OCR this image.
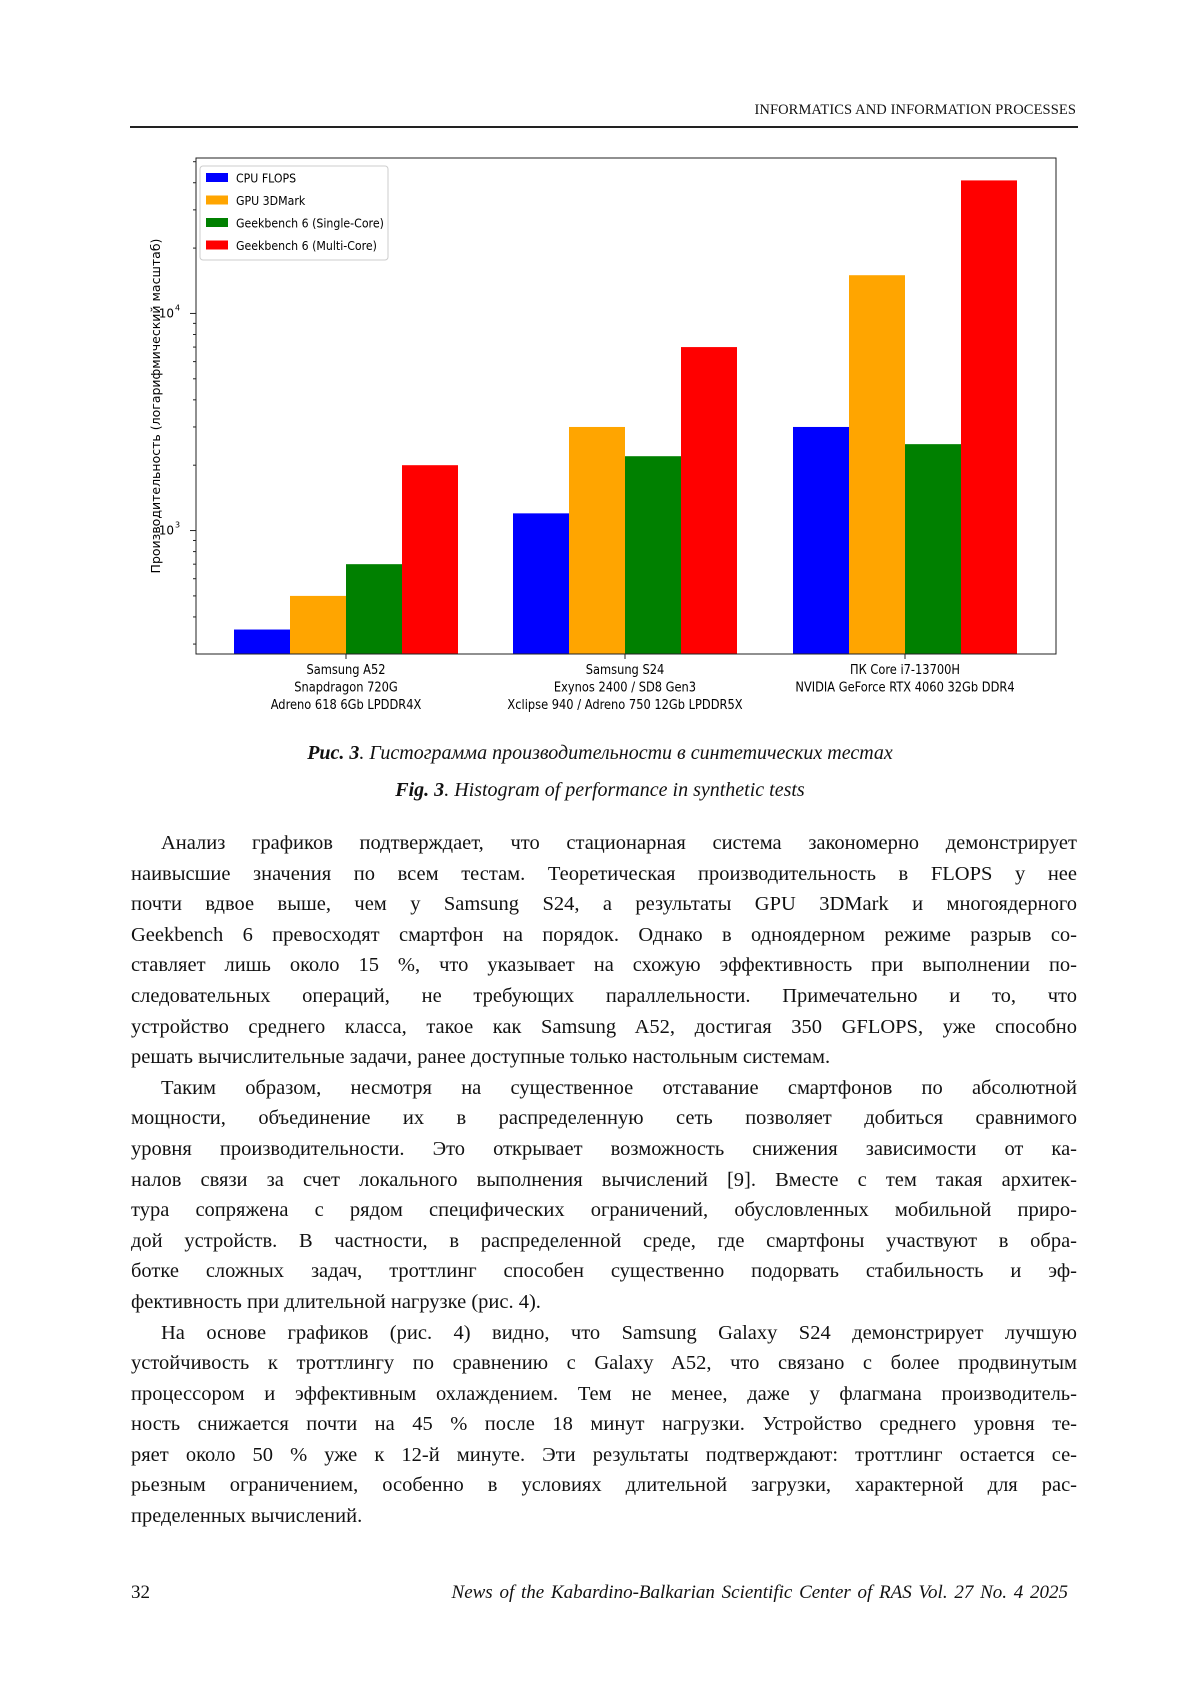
INFORMATICS AND INFORMATION PROCESSES
10 3
10 4
Производительность (логарифмический масштаб)
Samsung A52
Snapdragon 720G
Adreno 618 6Gb LPDDR4X
Samsung S24
Exynos 2400 / SD8 Gen3
Xclipse 940 / Adreno 750 12Gb LPDDR5X
ПК Core i7-13700H
NVIDIA GeForce RTX 4060 32Gb DDR4
CPU FLOPS
GPU 3DMark
Geekbench 6 (Single-Core)
Geekbench 6 (Multi-Core)
Рис. 3. Гистограмма производительности в синтетических тестах
Fig. 3. Histogram of performance in synthetic tests
Анализ графиков подтверждает, что стационарная система закономерно демонстрирует
наивысшие значения по всем тестам. Теоретическая производительность в FLOPS у нее
почти вдвое выше, чем у Samsung S24, а результаты GPU 3DMark и многоядерного
Geekbench 6 превосходят смартфон на порядок. Однако в одноядерном режиме разрыв со-
ставляет лишь около 15 %, что указывает на схожую эффективность при выполнении по-
следовательных операций, не требующих параллельности. Примечательно и то, что
устройство среднего класса, такое как Samsung A52, достигая 350 GFLOPS, уже способно
решать вычислительные задачи, ранее доступные только настольным системам.
Таким образом, несмотря на существенное отставание смартфонов по абсолютной
мощности, объединение их в распределенную сеть позволяет добиться сравнимого
уровня производительности. Это открывает возможность снижения зависимости от ка-
налов связи за счет локального выполнения вычислений [9]. Вместе с тем такая архитек-
тура сопряжена с рядом специфических ограничений, обусловленных мобильной приро-
дой устройств. В частности, в распределенной среде, где смартфоны участвуют в обра-
ботке сложных задач, троттлинг способен существенно подорвать стабильность и эф-
фективность при длительной нагрузке (рис. 4).
На основе графиков (рис. 4) видно, что Samsung Galaxy S24 демонстрирует лучшую
устойчивость к троттлингу по сравнению с Galaxy A52, что связано с более продвинутым
процессором и эффективным охлаждением. Тем не менее, даже у флагмана производитель-
ность снижается почти на 45 % после 18 минут нагрузки. Устройство среднего уровня те-
ряет около 50 % уже к 12-й минуте. Эти результаты подтверждают: троттлинг остается се-
рьезным ограничением, особенно в условиях длительной загрузки, характерной для рас-
пределенных вычислений.
32	News of the Kabardino-Balkarian Scientific Center of RAS Vol. 27 No. 4 2025
